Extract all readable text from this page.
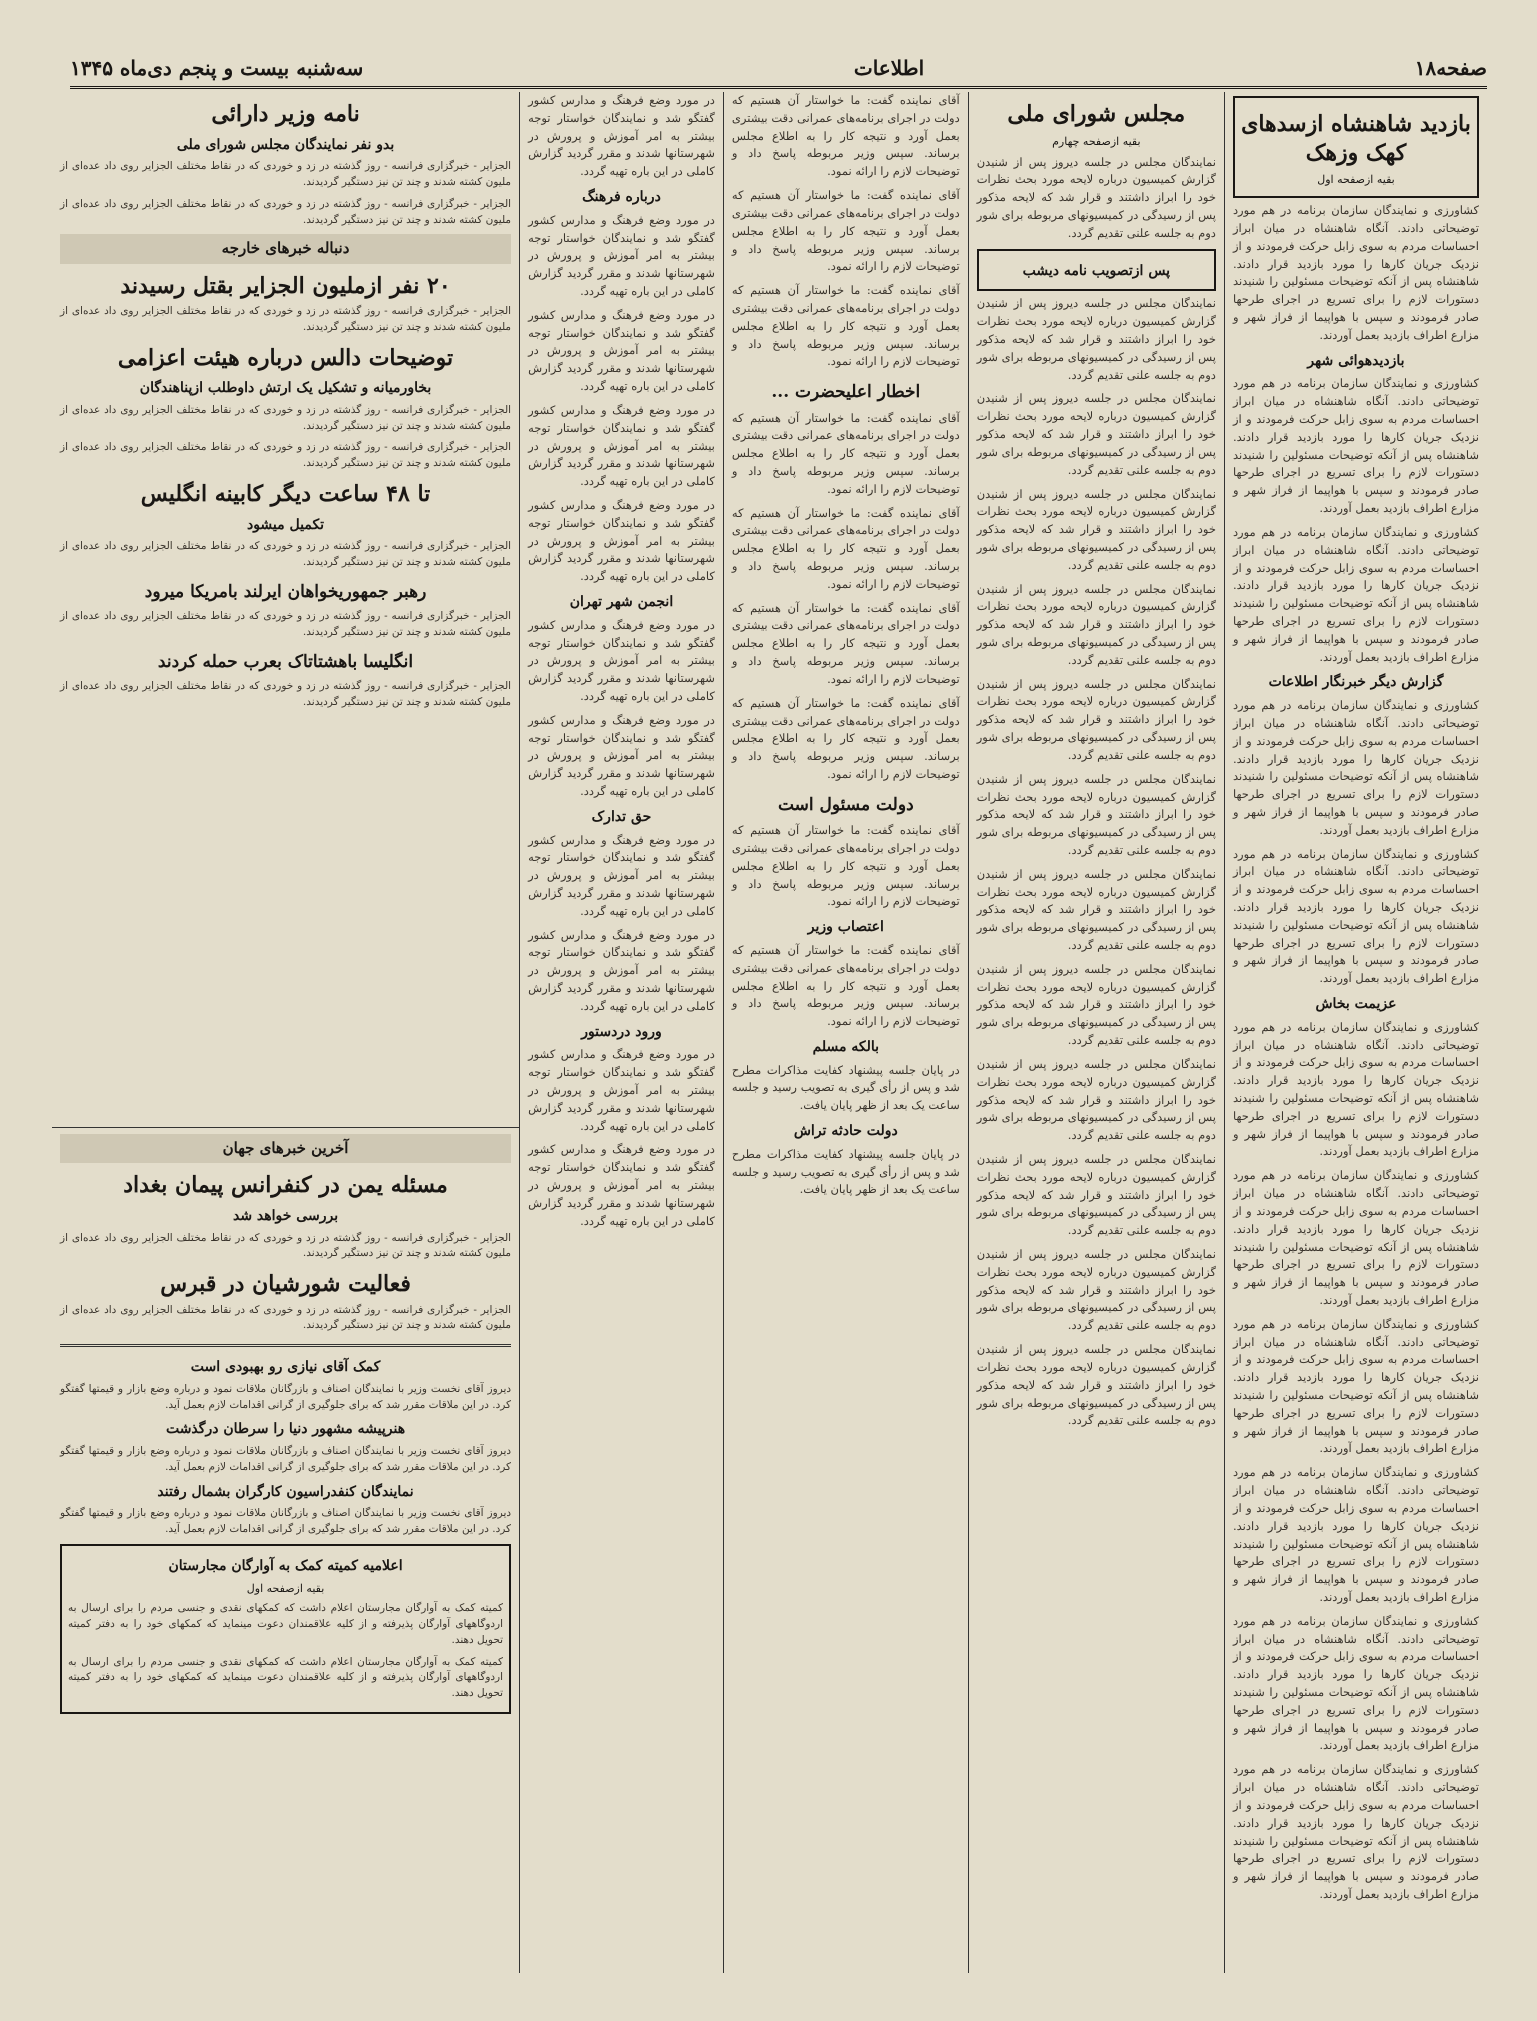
صفحه۱۸
اطلاعات
سه‌شنبه بیست و پنجم دی‌ماه ۱۳۴۵
بازدید شاهنشاه ازسدهای کهک وزهک
بقیه ازصفحه اول

کشاورزی و نمایندگان سازمان برنامه در هم مورد توضیحاتی دادند. آنگاه شاهنشاه در میان ابراز احساسات مردم به سوی زابل حرکت فرمودند و از نزدیک جریان کارها را مورد بازدید قرار دادند. شاهنشاه پس از آنکه توضیحات مسئولین را شنیدند دستورات لازم را برای تسریع در اجرای طرحها صادر فرمودند و سپس با هواپیما از فراز شهر و مزارع اطراف بازدید بعمل آوردند.

بازدیدهوائی شهر

کشاورزی و نمایندگان سازمان برنامه در هم مورد توضیحاتی دادند. آنگاه شاهنشاه در میان ابراز احساسات مردم به سوی زابل حرکت فرمودند و از نزدیک جریان کارها را مورد بازدید قرار دادند. شاهنشاه پس از آنکه توضیحات مسئولین را شنیدند دستورات لازم را برای تسریع در اجرای طرحها صادر فرمودند و سپس با هواپیما از فراز شهر و مزارع اطراف بازدید بعمل آوردند.

کشاورزی و نمایندگان سازمان برنامه در هم مورد توضیحاتی دادند. آنگاه شاهنشاه در میان ابراز احساسات مردم به سوی زابل حرکت فرمودند و از نزدیک جریان کارها را مورد بازدید قرار دادند. شاهنشاه پس از آنکه توضیحات مسئولین را شنیدند دستورات لازم را برای تسریع در اجرای طرحها صادر فرمودند و سپس با هواپیما از فراز شهر و مزارع اطراف بازدید بعمل آوردند.

گزارش دیگر خبرنگار اطلاعات

کشاورزی و نمایندگان سازمان برنامه در هم مورد توضیحاتی دادند. آنگاه شاهنشاه در میان ابراز احساسات مردم به سوی زابل حرکت فرمودند و از نزدیک جریان کارها را مورد بازدید قرار دادند. شاهنشاه پس از آنکه توضیحات مسئولین را شنیدند دستورات لازم را برای تسریع در اجرای طرحها صادر فرمودند و سپس با هواپیما از فراز شهر و مزارع اطراف بازدید بعمل آوردند.

کشاورزی و نمایندگان سازمان برنامه در هم مورد توضیحاتی دادند. آنگاه شاهنشاه در میان ابراز احساسات مردم به سوی زابل حرکت فرمودند و از نزدیک جریان کارها را مورد بازدید قرار دادند. شاهنشاه پس از آنکه توضیحات مسئولین را شنیدند دستورات لازم را برای تسریع در اجرای طرحها صادر فرمودند و سپس با هواپیما از فراز شهر و مزارع اطراف بازدید بعمل آوردند.

عزیمت بخاش

کشاورزی و نمایندگان سازمان برنامه در هم مورد توضیحاتی دادند. آنگاه شاهنشاه در میان ابراز احساسات مردم به سوی زابل حرکت فرمودند و از نزدیک جریان کارها را مورد بازدید قرار دادند. شاهنشاه پس از آنکه توضیحات مسئولین را شنیدند دستورات لازم را برای تسریع در اجرای طرحها صادر فرمودند و سپس با هواپیما از فراز شهر و مزارع اطراف بازدید بعمل آوردند.

کشاورزی و نمایندگان سازمان برنامه در هم مورد توضیحاتی دادند. آنگاه شاهنشاه در میان ابراز احساسات مردم به سوی زابل حرکت فرمودند و از نزدیک جریان کارها را مورد بازدید قرار دادند. شاهنشاه پس از آنکه توضیحات مسئولین را شنیدند دستورات لازم را برای تسریع در اجرای طرحها صادر فرمودند و سپس با هواپیما از فراز شهر و مزارع اطراف بازدید بعمل آوردند.

کشاورزی و نمایندگان سازمان برنامه در هم مورد توضیحاتی دادند. آنگاه شاهنشاه در میان ابراز احساسات مردم به سوی زابل حرکت فرمودند و از نزدیک جریان کارها را مورد بازدید قرار دادند. شاهنشاه پس از آنکه توضیحات مسئولین را شنیدند دستورات لازم را برای تسریع در اجرای طرحها صادر فرمودند و سپس با هواپیما از فراز شهر و مزارع اطراف بازدید بعمل آوردند.

کشاورزی و نمایندگان سازمان برنامه در هم مورد توضیحاتی دادند. آنگاه شاهنشاه در میان ابراز احساسات مردم به سوی زابل حرکت فرمودند و از نزدیک جریان کارها را مورد بازدید قرار دادند. شاهنشاه پس از آنکه توضیحات مسئولین را شنیدند دستورات لازم را برای تسریع در اجرای طرحها صادر فرمودند و سپس با هواپیما از فراز شهر و مزارع اطراف بازدید بعمل آوردند.

کشاورزی و نمایندگان سازمان برنامه در هم مورد توضیحاتی دادند. آنگاه شاهنشاه در میان ابراز احساسات مردم به سوی زابل حرکت فرمودند و از نزدیک جریان کارها را مورد بازدید قرار دادند. شاهنشاه پس از آنکه توضیحات مسئولین را شنیدند دستورات لازم را برای تسریع در اجرای طرحها صادر فرمودند و سپس با هواپیما از فراز شهر و مزارع اطراف بازدید بعمل آوردند.

کشاورزی و نمایندگان سازمان برنامه در هم مورد توضیحاتی دادند. آنگاه شاهنشاه در میان ابراز احساسات مردم به سوی زابل حرکت فرمودند و از نزدیک جریان کارها را مورد بازدید قرار دادند. شاهنشاه پس از آنکه توضیحات مسئولین را شنیدند دستورات لازم را برای تسریع در اجرای طرحها صادر فرمودند و سپس با هواپیما از فراز شهر و مزارع اطراف بازدید بعمل آوردند.

مجلس شورای ملی
بقیه ازصفحه چهارم

نمایندگان مجلس در جلسه دیروز پس از شنیدن گزارش کمیسیون درباره لایحه مورد بحث نظرات خود را ابراز داشتند و قرار شد که لایحه مذکور پس از رسیدگی در کمیسیونهای مربوطه برای شور دوم به جلسه علنی تقدیم گردد.

پس ازتصویب نامه دیشب

نمایندگان مجلس در جلسه دیروز پس از شنیدن گزارش کمیسیون درباره لایحه مورد بحث نظرات خود را ابراز داشتند و قرار شد که لایحه مذکور پس از رسیدگی در کمیسیونهای مربوطه برای شور دوم به جلسه علنی تقدیم گردد.

نمایندگان مجلس در جلسه دیروز پس از شنیدن گزارش کمیسیون درباره لایحه مورد بحث نظرات خود را ابراز داشتند و قرار شد که لایحه مذکور پس از رسیدگی در کمیسیونهای مربوطه برای شور دوم به جلسه علنی تقدیم گردد.

نمایندگان مجلس در جلسه دیروز پس از شنیدن گزارش کمیسیون درباره لایحه مورد بحث نظرات خود را ابراز داشتند و قرار شد که لایحه مذکور پس از رسیدگی در کمیسیونهای مربوطه برای شور دوم به جلسه علنی تقدیم گردد.

نمایندگان مجلس در جلسه دیروز پس از شنیدن گزارش کمیسیون درباره لایحه مورد بحث نظرات خود را ابراز داشتند و قرار شد که لایحه مذکور پس از رسیدگی در کمیسیونهای مربوطه برای شور دوم به جلسه علنی تقدیم گردد.

نمایندگان مجلس در جلسه دیروز پس از شنیدن گزارش کمیسیون درباره لایحه مورد بحث نظرات خود را ابراز داشتند و قرار شد که لایحه مذکور پس از رسیدگی در کمیسیونهای مربوطه برای شور دوم به جلسه علنی تقدیم گردد.

نمایندگان مجلس در جلسه دیروز پس از شنیدن گزارش کمیسیون درباره لایحه مورد بحث نظرات خود را ابراز داشتند و قرار شد که لایحه مذکور پس از رسیدگی در کمیسیونهای مربوطه برای شور دوم به جلسه علنی تقدیم گردد.

نمایندگان مجلس در جلسه دیروز پس از شنیدن گزارش کمیسیون درباره لایحه مورد بحث نظرات خود را ابراز داشتند و قرار شد که لایحه مذکور پس از رسیدگی در کمیسیونهای مربوطه برای شور دوم به جلسه علنی تقدیم گردد.

نمایندگان مجلس در جلسه دیروز پس از شنیدن گزارش کمیسیون درباره لایحه مورد بحث نظرات خود را ابراز داشتند و قرار شد که لایحه مذکور پس از رسیدگی در کمیسیونهای مربوطه برای شور دوم به جلسه علنی تقدیم گردد.

نمایندگان مجلس در جلسه دیروز پس از شنیدن گزارش کمیسیون درباره لایحه مورد بحث نظرات خود را ابراز داشتند و قرار شد که لایحه مذکور پس از رسیدگی در کمیسیونهای مربوطه برای شور دوم به جلسه علنی تقدیم گردد.

نمایندگان مجلس در جلسه دیروز پس از شنیدن گزارش کمیسیون درباره لایحه مورد بحث نظرات خود را ابراز داشتند و قرار شد که لایحه مذکور پس از رسیدگی در کمیسیونهای مربوطه برای شور دوم به جلسه علنی تقدیم گردد.

نمایندگان مجلس در جلسه دیروز پس از شنیدن گزارش کمیسیون درباره لایحه مورد بحث نظرات خود را ابراز داشتند و قرار شد که لایحه مذکور پس از رسیدگی در کمیسیونهای مربوطه برای شور دوم به جلسه علنی تقدیم گردد.

نمایندگان مجلس در جلسه دیروز پس از شنیدن گزارش کمیسیون درباره لایحه مورد بحث نظرات خود را ابراز داشتند و قرار شد که لایحه مذکور پس از رسیدگی در کمیسیونهای مربوطه برای شور دوم به جلسه علنی تقدیم گردد.

آقای نماینده گفت: ما خواستار آن هستیم که دولت در اجرای برنامه‌های عمرانی دقت بیشتری بعمل آورد و نتیجه کار را به اطلاع مجلس برساند. سپس وزیر مربوطه پاسخ داد و توضیحات لازم را ارائه نمود.

آقای نماینده گفت: ما خواستار آن هستیم که دولت در اجرای برنامه‌های عمرانی دقت بیشتری بعمل آورد و نتیجه کار را به اطلاع مجلس برساند. سپس وزیر مربوطه پاسخ داد و توضیحات لازم را ارائه نمود.

آقای نماینده گفت: ما خواستار آن هستیم که دولت در اجرای برنامه‌های عمرانی دقت بیشتری بعمل آورد و نتیجه کار را به اطلاع مجلس برساند. سپس وزیر مربوطه پاسخ داد و توضیحات لازم را ارائه نمود.

اخطار اعلیحضرت ...

آقای نماینده گفت: ما خواستار آن هستیم که دولت در اجرای برنامه‌های عمرانی دقت بیشتری بعمل آورد و نتیجه کار را به اطلاع مجلس برساند. سپس وزیر مربوطه پاسخ داد و توضیحات لازم را ارائه نمود.

آقای نماینده گفت: ما خواستار آن هستیم که دولت در اجرای برنامه‌های عمرانی دقت بیشتری بعمل آورد و نتیجه کار را به اطلاع مجلس برساند. سپس وزیر مربوطه پاسخ داد و توضیحات لازم را ارائه نمود.

آقای نماینده گفت: ما خواستار آن هستیم که دولت در اجرای برنامه‌های عمرانی دقت بیشتری بعمل آورد و نتیجه کار را به اطلاع مجلس برساند. سپس وزیر مربوطه پاسخ داد و توضیحات لازم را ارائه نمود.

آقای نماینده گفت: ما خواستار آن هستیم که دولت در اجرای برنامه‌های عمرانی دقت بیشتری بعمل آورد و نتیجه کار را به اطلاع مجلس برساند. سپس وزیر مربوطه پاسخ داد و توضیحات لازم را ارائه نمود.

دولت مسئول است

آقای نماینده گفت: ما خواستار آن هستیم که دولت در اجرای برنامه‌های عمرانی دقت بیشتری بعمل آورد و نتیجه کار را به اطلاع مجلس برساند. سپس وزیر مربوطه پاسخ داد و توضیحات لازم را ارائه نمود.

اعتصاب وزیر

آقای نماینده گفت: ما خواستار آن هستیم که دولت در اجرای برنامه‌های عمرانی دقت بیشتری بعمل آورد و نتیجه کار را به اطلاع مجلس برساند. سپس وزیر مربوطه پاسخ داد و توضیحات لازم را ارائه نمود.

بالکه مسلم

در پایان جلسه پیشنهاد کفایت مذاکرات مطرح شد و پس از رأی گیری به تصویب رسید و جلسه ساعت یک بعد از ظهر پایان یافت.

دولت حادثه تراش

در پایان جلسه پیشنهاد کفایت مذاکرات مطرح شد و پس از رأی گیری به تصویب رسید و جلسه ساعت یک بعد از ظهر پایان یافت.

در مورد وضع فرهنگ و مدارس کشور گفتگو شد و نمایندگان خواستار توجه بیشتر به امر آموزش و پرورش در شهرستانها شدند و مقرر گردید گزارش کاملی در این باره تهیه گردد.

درباره فرهنگ

در مورد وضع فرهنگ و مدارس کشور گفتگو شد و نمایندگان خواستار توجه بیشتر به امر آموزش و پرورش در شهرستانها شدند و مقرر گردید گزارش کاملی در این باره تهیه گردد.

در مورد وضع فرهنگ و مدارس کشور گفتگو شد و نمایندگان خواستار توجه بیشتر به امر آموزش و پرورش در شهرستانها شدند و مقرر گردید گزارش کاملی در این باره تهیه گردد.

در مورد وضع فرهنگ و مدارس کشور گفتگو شد و نمایندگان خواستار توجه بیشتر به امر آموزش و پرورش در شهرستانها شدند و مقرر گردید گزارش کاملی در این باره تهیه گردد.

در مورد وضع فرهنگ و مدارس کشور گفتگو شد و نمایندگان خواستار توجه بیشتر به امر آموزش و پرورش در شهرستانها شدند و مقرر گردید گزارش کاملی در این باره تهیه گردد.

انجمن شهر تهران

در مورد وضع فرهنگ و مدارس کشور گفتگو شد و نمایندگان خواستار توجه بیشتر به امر آموزش و پرورش در شهرستانها شدند و مقرر گردید گزارش کاملی در این باره تهیه گردد.

در مورد وضع فرهنگ و مدارس کشور گفتگو شد و نمایندگان خواستار توجه بیشتر به امر آموزش و پرورش در شهرستانها شدند و مقرر گردید گزارش کاملی در این باره تهیه گردد.

حق تدارک

در مورد وضع فرهنگ و مدارس کشور گفتگو شد و نمایندگان خواستار توجه بیشتر به امر آموزش و پرورش در شهرستانها شدند و مقرر گردید گزارش کاملی در این باره تهیه گردد.

در مورد وضع فرهنگ و مدارس کشور گفتگو شد و نمایندگان خواستار توجه بیشتر به امر آموزش و پرورش در شهرستانها شدند و مقرر گردید گزارش کاملی در این باره تهیه گردد.

ورود دردستور

در مورد وضع فرهنگ و مدارس کشور گفتگو شد و نمایندگان خواستار توجه بیشتر به امر آموزش و پرورش در شهرستانها شدند و مقرر گردید گزارش کاملی در این باره تهیه گردد.

در مورد وضع فرهنگ و مدارس کشور گفتگو شد و نمایندگان خواستار توجه بیشتر به امر آموزش و پرورش در شهرستانها شدند و مقرر گردید گزارش کاملی در این باره تهیه گردد.

نامه وزیر دارائی
بدو نفر نمایندگان مجلس شورای ملی

الجزایر - خبرگزاری فرانسه - روز گذشته در زد و خوردی که در نقاط مختلف الجزایر روی داد عده‌ای از ملیون کشته شدند و چند تن نیز دستگیر گردیدند.

الجزایر - خبرگزاری فرانسه - روز گذشته در زد و خوردی که در نقاط مختلف الجزایر روی داد عده‌ای از ملیون کشته شدند و چند تن نیز دستگیر گردیدند.

دنباله خبرهای خارجه
۲۰ نفر ازملیون الجزایر بقتل رسیدند

الجزایر - خبرگزاری فرانسه - روز گذشته در زد و خوردی که در نقاط مختلف الجزایر روی داد عده‌ای از ملیون کشته شدند و چند تن نیز دستگیر گردیدند.

توضیحات دالس درباره هیئت اعزامی
بخاورمیانه و تشکیل یک ارتش داوطلب ازپناهندگان

الجزایر - خبرگزاری فرانسه - روز گذشته در زد و خوردی که در نقاط مختلف الجزایر روی داد عده‌ای از ملیون کشته شدند و چند تن نیز دستگیر گردیدند.

الجزایر - خبرگزاری فرانسه - روز گذشته در زد و خوردی که در نقاط مختلف الجزایر روی داد عده‌ای از ملیون کشته شدند و چند تن نیز دستگیر گردیدند.

تا ۴۸ ساعت دیگر کابینه انگلیس
تکمیل میشود

الجزایر - خبرگزاری فرانسه - روز گذشته در زد و خوردی که در نقاط مختلف الجزایر روی داد عده‌ای از ملیون کشته شدند و چند تن نیز دستگیر گردیدند.

رهبر جمهوریخواهان ایرلند بامریکا میرود

الجزایر - خبرگزاری فرانسه - روز گذشته در زد و خوردی که در نقاط مختلف الجزایر روی داد عده‌ای از ملیون کشته شدند و چند تن نیز دستگیر گردیدند.

انگلیسا باهشتاتاک بعرب حمله کردند

الجزایر - خبرگزاری فرانسه - روز گذشته در زد و خوردی که در نقاط مختلف الجزایر روی داد عده‌ای از ملیون کشته شدند و چند تن نیز دستگیر گردیدند.

آخرین خبرهای جهان
مسئله یمن در کنفرانس پیمان بغداد
بررسی خواهد شد

الجزایر - خبرگزاری فرانسه - روز گذشته در زد و خوردی که در نقاط مختلف الجزایر روی داد عده‌ای از ملیون کشته شدند و چند تن نیز دستگیر گردیدند.

فعالیت شورشیان در قبرس

الجزایر - خبرگزاری فرانسه - روز گذشته در زد و خوردی که در نقاط مختلف الجزایر روی داد عده‌ای از ملیون کشته شدند و چند تن نیز دستگیر گردیدند.

کمک آقای نیازی رو بهبودی است

دیروز آقای نخست وزیر با نمایندگان اصناف و بازرگانان ملاقات نمود و درباره وضع بازار و قیمتها گفتگو کرد. در این ملاقات مقرر شد که برای جلوگیری از گرانی اقدامات لازم بعمل آید.

هنرپیشه مشهور دنیا را سرطان درگذشت

دیروز آقای نخست وزیر با نمایندگان اصناف و بازرگانان ملاقات نمود و درباره وضع بازار و قیمتها گفتگو کرد. در این ملاقات مقرر شد که برای جلوگیری از گرانی اقدامات لازم بعمل آید.

نمایندگان کنفدراسیون کارگران بشمال رفتند

دیروز آقای نخست وزیر با نمایندگان اصناف و بازرگانان ملاقات نمود و درباره وضع بازار و قیمتها گفتگو کرد. در این ملاقات مقرر شد که برای جلوگیری از گرانی اقدامات لازم بعمل آید.

اعلامیه کمیته کمک به آوارگان مجارستان
بقیه ازصفحه اول

کمیته کمک به آوارگان مجارستان اعلام داشت که کمکهای نقدی و جنسی مردم را برای ارسال به اردوگاههای آوارگان پذیرفته و از کلیه علاقمندان دعوت مینماید که کمکهای خود را به دفتر کمیته تحویل دهند.

کمیته کمک به آوارگان مجارستان اعلام داشت که کمکهای نقدی و جنسی مردم را برای ارسال به اردوگاههای آوارگان پذیرفته و از کلیه علاقمندان دعوت مینماید که کمکهای خود را به دفتر کمیته تحویل دهند.
